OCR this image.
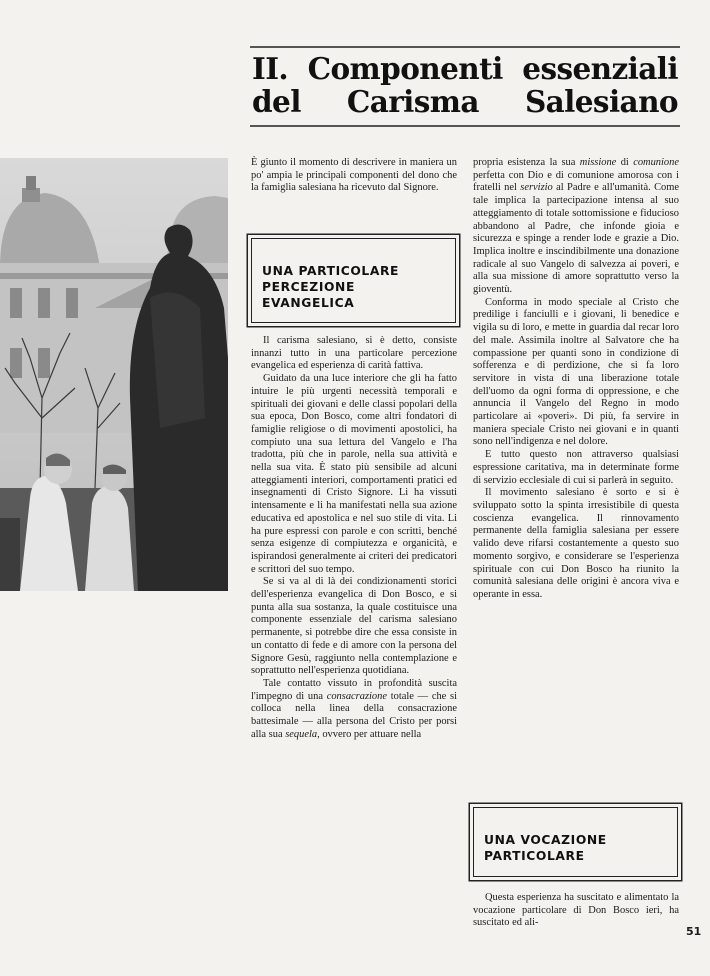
II. Componenti essenziali
del Carisma Salesiano

È giunto il momento di descrivere in maniera un po' ampia le principali componenti del dono che la famiglia salesiana ha ricevuto dal Signore.

UNA PARTICOLARE
PERCEZIONE
EVANGELICA

Il carisma salesiano, si è detto, consiste innanzi tutto in una particolare percezione evangelica ed esperienza di carità fattiva.

Guidato da una luce interiore che gli ha fatto intuire le più urgenti necessità temporali e spirituali dei giovani e delle classi popolari della sua epoca, Don Bosco, come altri fondatori di famiglie religiose o di movimenti apostolici, ha compiuto una sua lettura del Vangelo e l'ha tradotta, più che in parole, nella sua attività e nella sua vita. È stato più sensibile ad alcuni atteggiamenti interiori, comportamenti pratici ed insegnamenti di Cristo Signore. Li ha vissuti intensamente e li ha manifestati nella sua azione educativa ed apostolica e nel suo stile di vita. Li ha pure espressi con parole e con scritti, benché senza esigenze di compiutezza e organicità, e ispirandosi generalmente ai criteri dei predicatori e scrittori del suo tempo.

Se si va al di là dei condizionamenti storici dell'esperienza evangelica di Don Bosco, e si punta alla sua sostanza, la quale costituisce una componente essenziale del carisma salesiano permanente, si potrebbe dire che essa consiste in un contatto di fede e di amore con la persona del Signore Gesù, raggiunto nella contemplazione e soprattutto nell'esperienza quotidiana.

Tale contatto vissuto in profondità suscita l'impegno di una consacrazione totale — che si colloca nella linea della consacrazione battesimale — alla persona del Cristo per porsi alla sua sequela, ovvero per attuare nella

propria esistenza la sua missione di comunione perfetta con Dio e di comunione amorosa con i fratelli nel servizio al Padre e all'umanità. Come tale implica la partecipazione intensa al suo atteggiamento di totale sottomissione e fiducioso abbandono al Padre, che infonde gioia e sicurezza e spinge a render lode e grazie a Dio. Implica inoltre e inscindibilmente una donazione radicale al suo Vangelo di salvezza ai poveri, e alla sua missione di amore soprattutto verso la gioventù.

Conforma in modo speciale al Cristo che predilige i fanciulli e i giovani, li benedice e vigila su di loro, e mette in guardia dal recar loro del male. Assimila inoltre al Salvatore che ha compassione per quanti sono in condizione di sofferenza e di perdizione, che si fa loro servitore in vista di una liberazione totale dell'uomo da ogni forma di oppressione, e che annuncia il Vangelo del Regno in modo particolare ai «poveri». Di più, fa servire in maniera speciale Cristo nei giovani e in quanti sono nell'indigenza e nel dolore.

E tutto questo non attraverso qualsiasi espressione caritativa, ma in determinate forme di servizio ecclesiale di cui si parlerà in seguito.

Il movimento salesiano è sorto e si è sviluppato sotto la spinta irresistibile di questa coscienza evangelica. Il rinnovamento permanente della famiglia salesiana per essere valido deve rifarsi costantemente a questo suo momento sorgivo, e considerare se l'esperienza spirituale con cui Don Bosco ha riunito la comunità salesiana delle origini è ancora viva e operante in essa.

UNA VOCAZIONE
PARTICOLARE

Questa esperienza ha suscitato e alimentato la vocazione particolare di Don Bosco ieri, ha suscitato ed ali-

51
